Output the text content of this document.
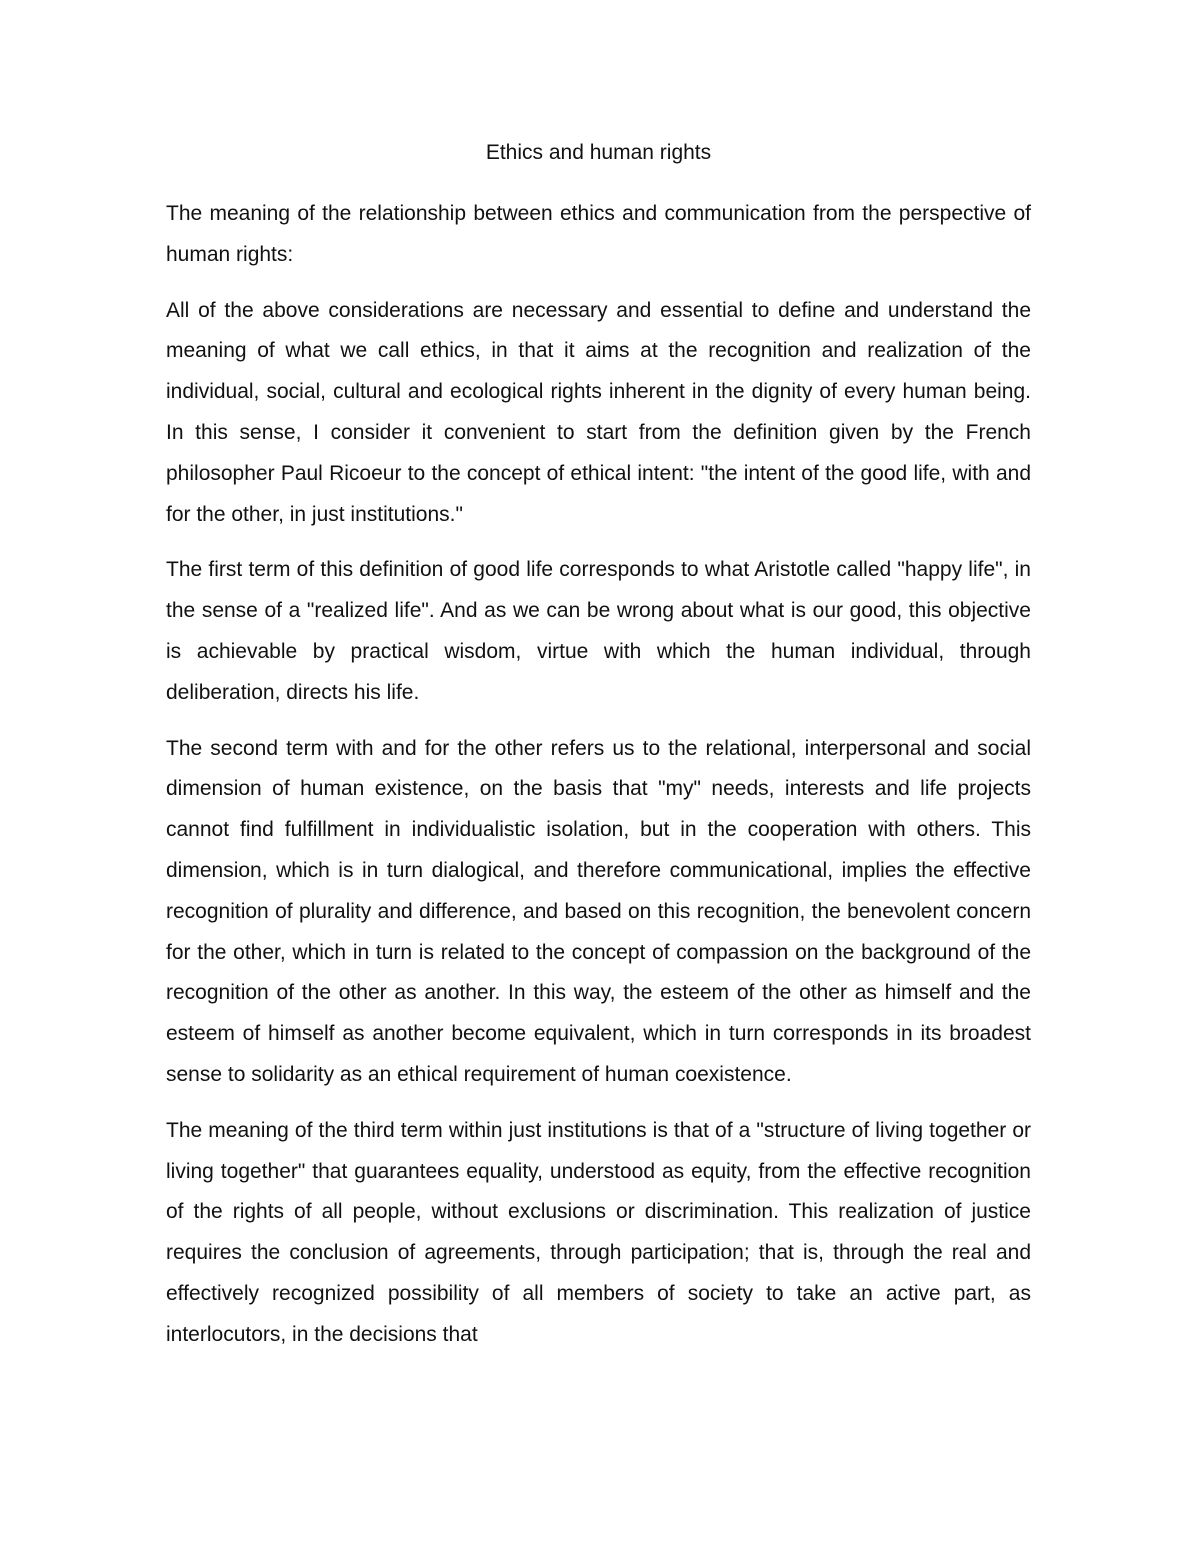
Ethics and human rights

The meaning of the relationship between ethics and communication from the perspective of human rights:

All of the above considerations are necessary and essential to define and understand the meaning of what we call ethics, in that it aims at the recognition and realization of the individual, social, cultural and ecological rights inherent in the dignity of every human being. In this sense, I consider it convenient to start from the definition given by the French philosopher Paul Ricoeur to the concept of ethical intent: "the intent of the good life, with and for the other, in just institutions."

The first term of this definition of good life corresponds to what Aristotle called "happy life", in the sense of a "realized life". And as we can be wrong about what is our good, this objective is achievable by practical wisdom, virtue with which the human individual, through deliberation, directs his life.

The second term with and for the other refers us to the relational, interpersonal and social dimension of human existence, on the basis that "my" needs, interests and life projects cannot find fulfillment in individualistic isolation, but in the cooperation with others. This dimension, which is in turn dialogical, and therefore communicational, implies the effective recognition of plurality and difference, and based on this recognition, the benevolent concern for the other, which in turn is related to the concept of compassion on the background of the recognition of the other as another. In this way, the esteem of the other as himself and the esteem of himself as another become equivalent, which in turn corresponds in its broadest sense to solidarity as an ethical requirement of human coexistence.

The meaning of the third term within just institutions is that of a "structure of living together or living together" that guarantees equality, understood as equity, from the effective recognition of the rights of all people, without exclusions or discrimination. This realization of justice requires the conclusion of agreements, through participation; that is, through the real and effectively recognized possibility of all members of society to take an active part, as interlocutors, in the decisions that
